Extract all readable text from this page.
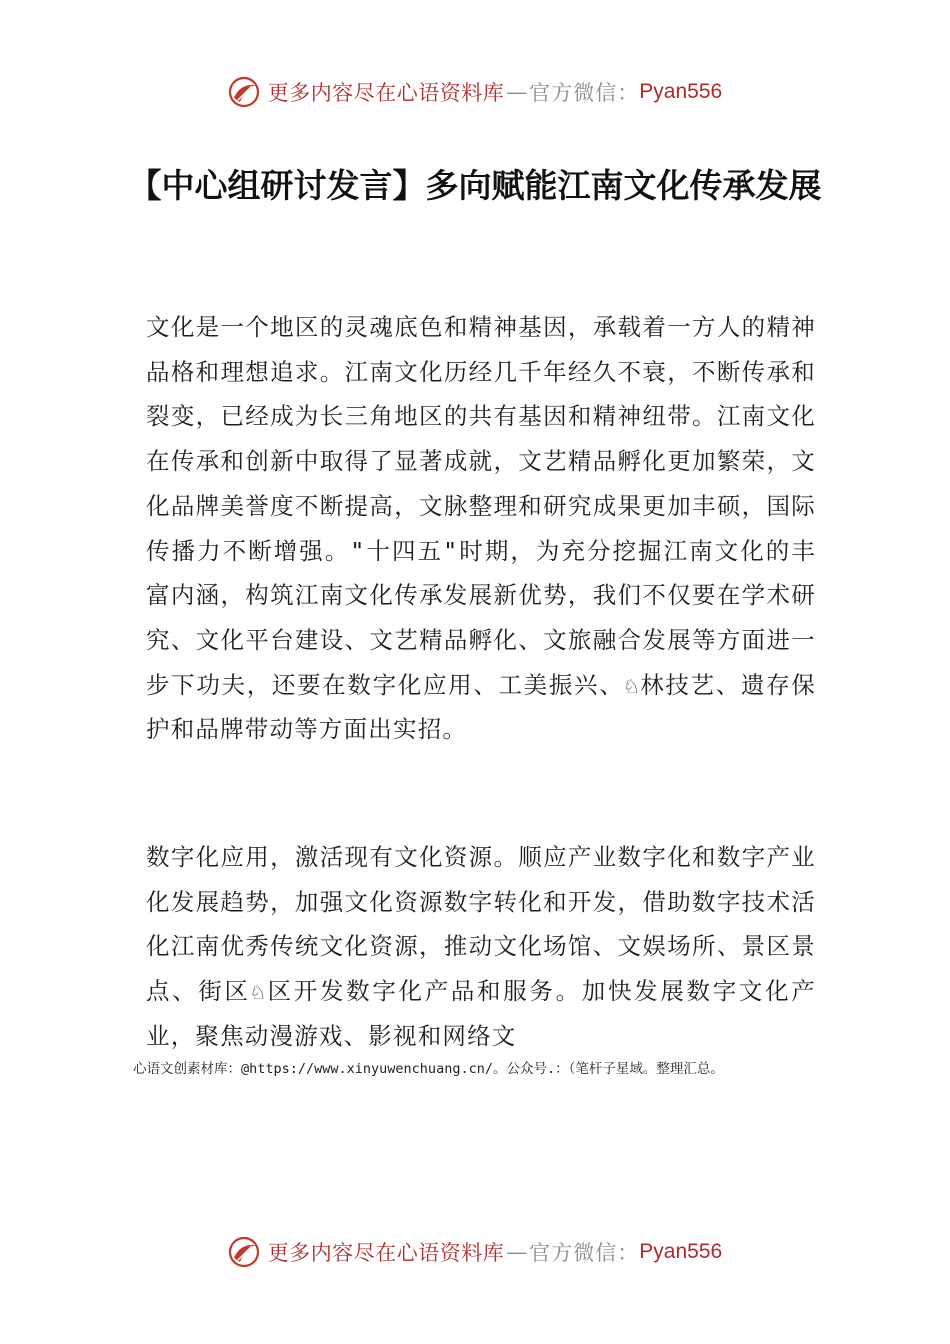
更多内容尽在心语资料库 — 官方微信： Pyan556
【中心组研讨发言】多向赋能江南文化传承发展

文化是一个地区的灵魂底色和精神基因，承载着一方人的精神品格和理想追求。江南文化历经几千年经久不衰，不断传承和裂变，已经成为长三角地区的共有基因和精神纽带。江南文化在传承和创新中取得了显著成就，文艺精品孵化更加繁荣，文化品牌美誉度不断提高，文脉整理和研究成果更加丰硕，国际传播力不断增强。"十四五"时期，为充分挖掘江南文化的丰富内涵，构筑江南文化传承发展新优势，我们不仅要在学术研究、文化平台建设、文艺精品孵化、文旅融合发展等方面进一步下功夫，还要在数字化应用、工美振兴、♘林技艺、遗存保护和品牌带动等方面出实招。

数字化应用，激活现有文化资源。顺应产业数字化和数字产业化发展趋势，加强文化资源数字转化和开发，借助数字技术活化江南优秀传统文化资源，推动文化场馆、文娱场所、景区景点、街区♘区开发数字化产品和服务。加快发展数字文化产业，聚焦动漫游戏、影视和网络文

心语文创素材库：@https://www.xinyuwenchuang.cn/。公众号.：（笔杆子星域。整理汇总。
更多内容尽在心语资料库 — 官方微信： Pyan556
